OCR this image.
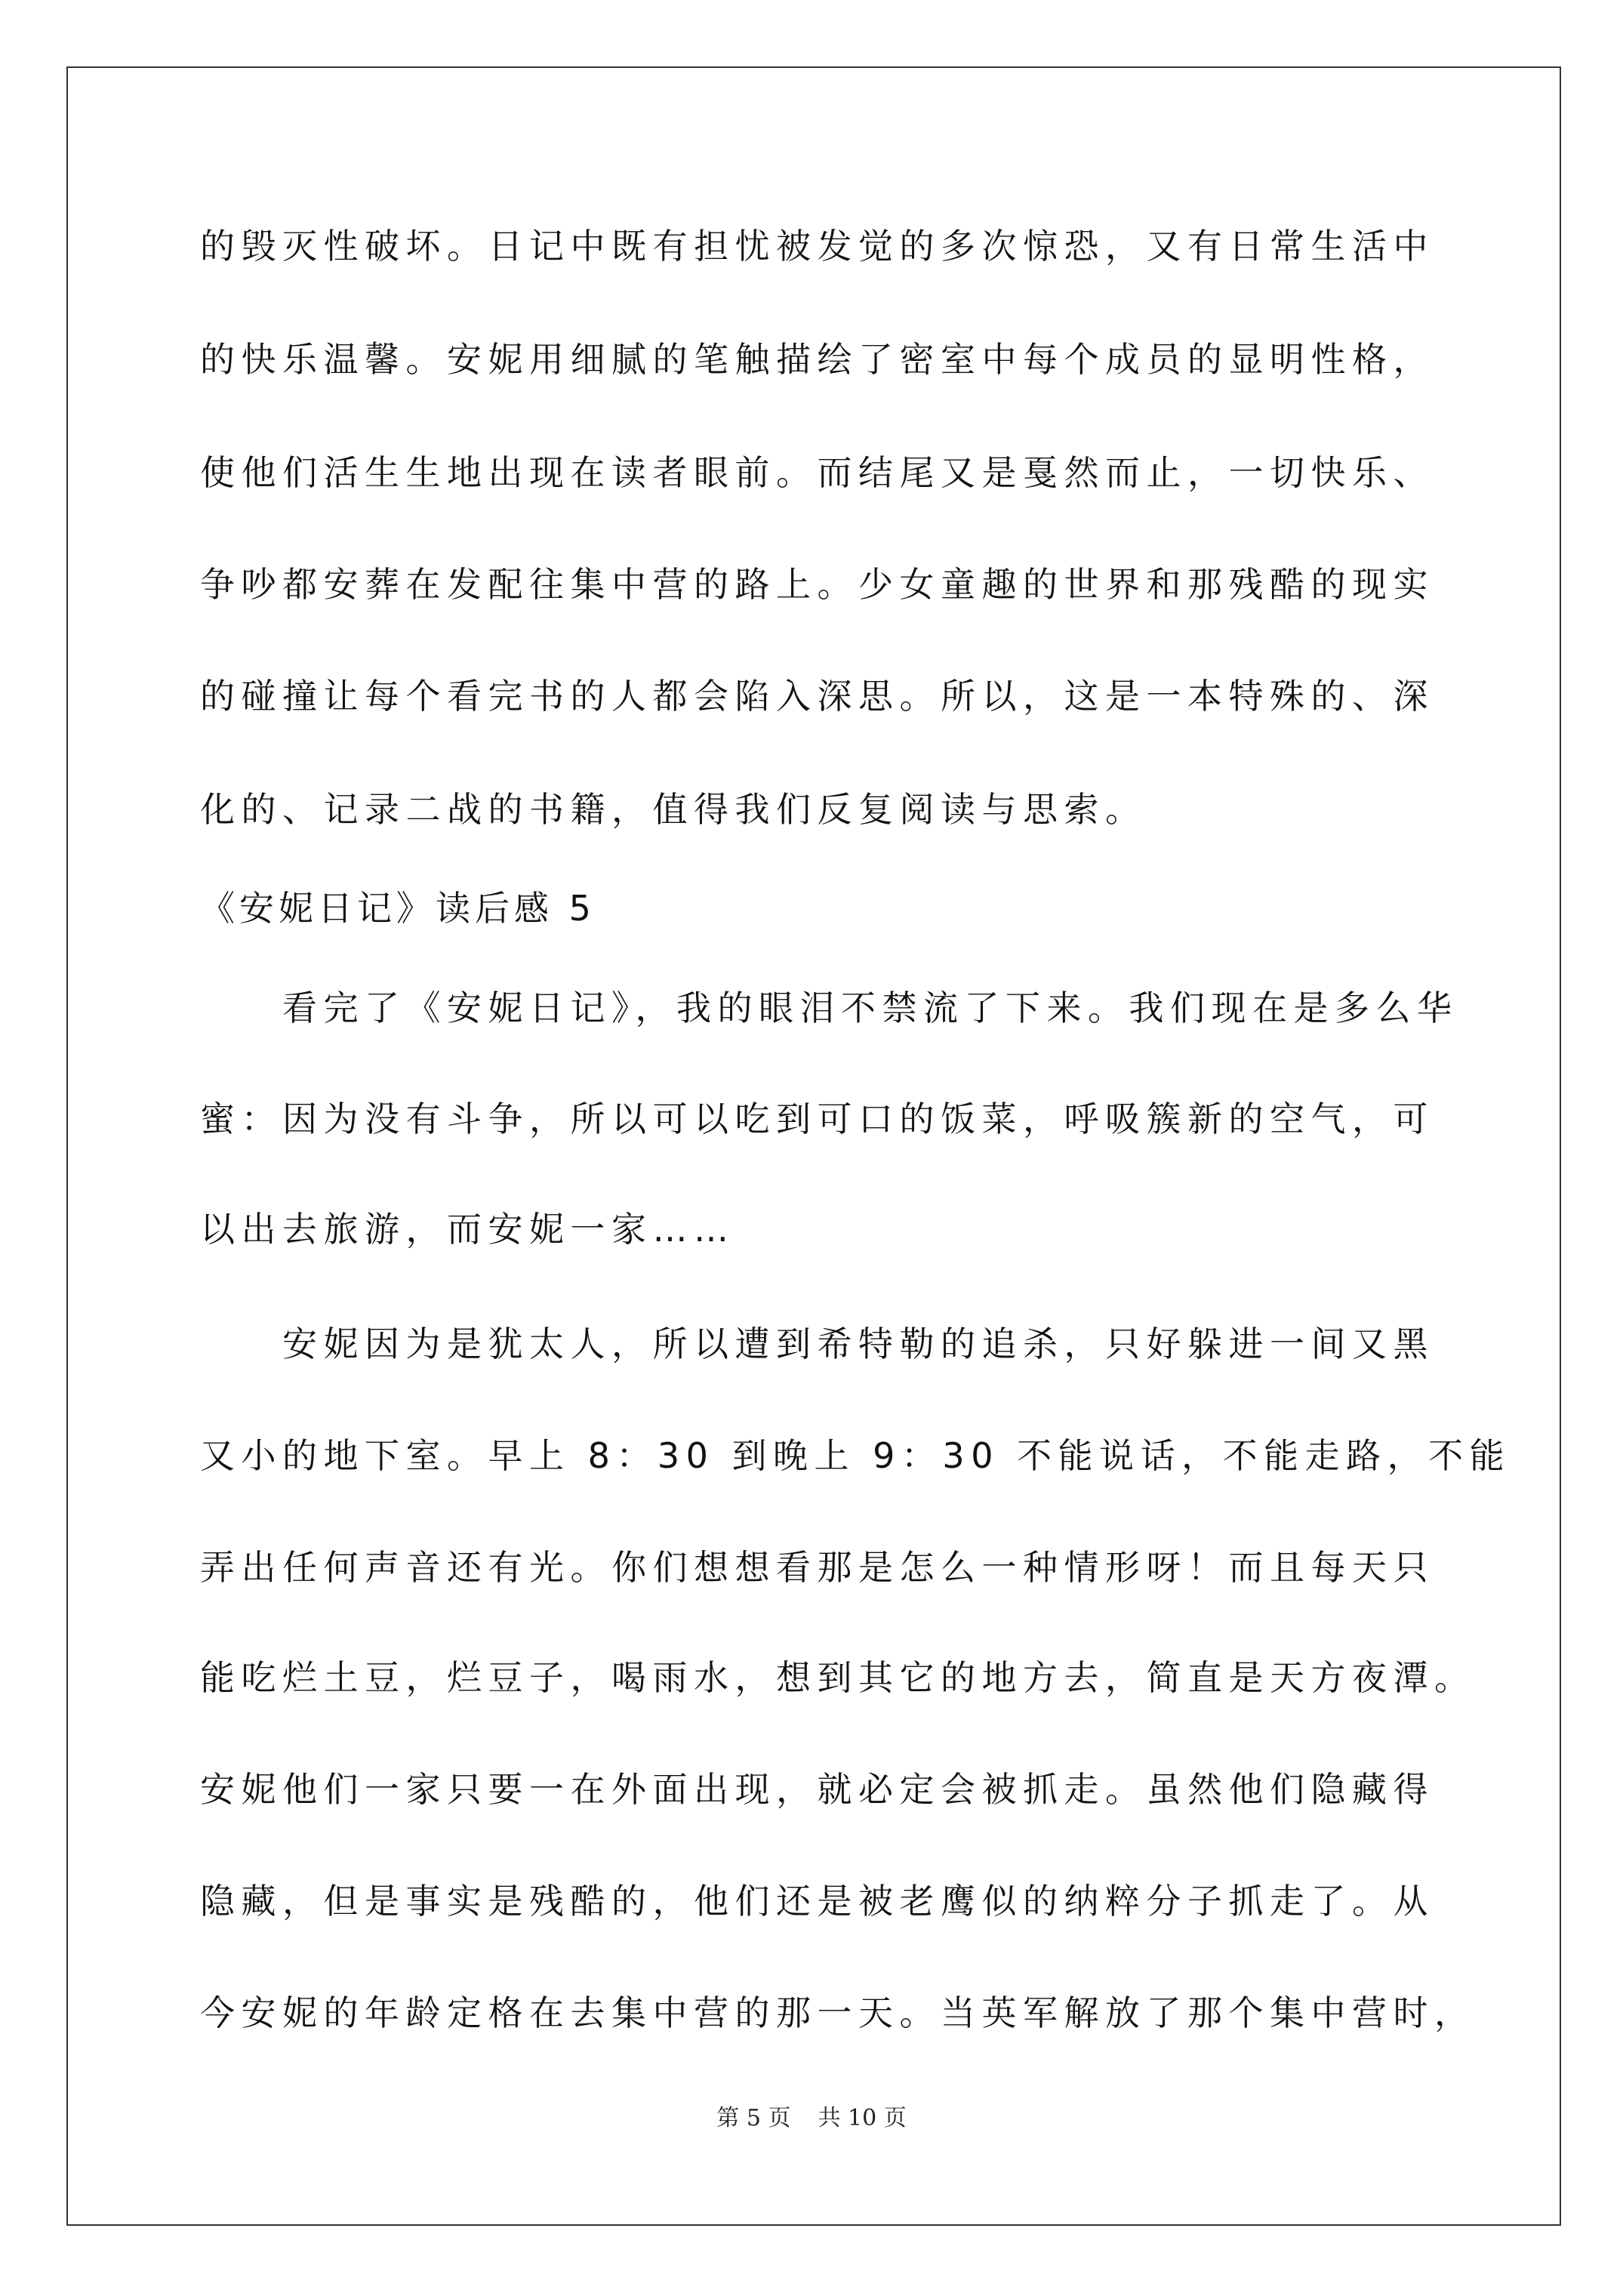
的毁灭性破坏。日记中既有担忧被发觉的多次惊恐，又有日常生活中
的快乐温馨。安妮用细腻的笔触描绘了密室中每个成员的显明性格，
使他们活生生地出现在读者眼前。而结尾又是戛然而止，一切快乐、
争吵都安葬在发配往集中营的路上。少女童趣的世界和那残酷的现实
的碰撞让每个看完书的人都会陷入深思。所以，这是一本特殊的、深
化的、记录二战的书籍，值得我们反复阅读与思索。
《安妮日记》读后感 5
　　看完了《安妮日记》，我的眼泪不禁流了下来。我们现在是多么华
蜜：因为没有斗争，所以可以吃到可口的饭菜，呼吸簇新的空气，可
以出去旅游，而安妮一家……
　　安妮因为是犹太人，所以遭到希特勒的追杀，只好躲进一间又黑
又小的地下室。早上 8：30 到晚上 9：30 不能说话，不能走路，不能
弄出任何声音还有光。你们想想看那是怎么一种情形呀！而且每天只
能吃烂土豆，烂豆子，喝雨水，想到其它的地方去，简直是天方夜潭。
安妮他们一家只要一在外面出现，就必定会被抓走。虽然他们隐藏得
隐藏，但是事实是残酷的，他们还是被老鹰似的纳粹分子抓走了。从
今安妮的年龄定格在去集中营的那一天。当英军解放了那个集中营时，
第 5 页 共 10 页
